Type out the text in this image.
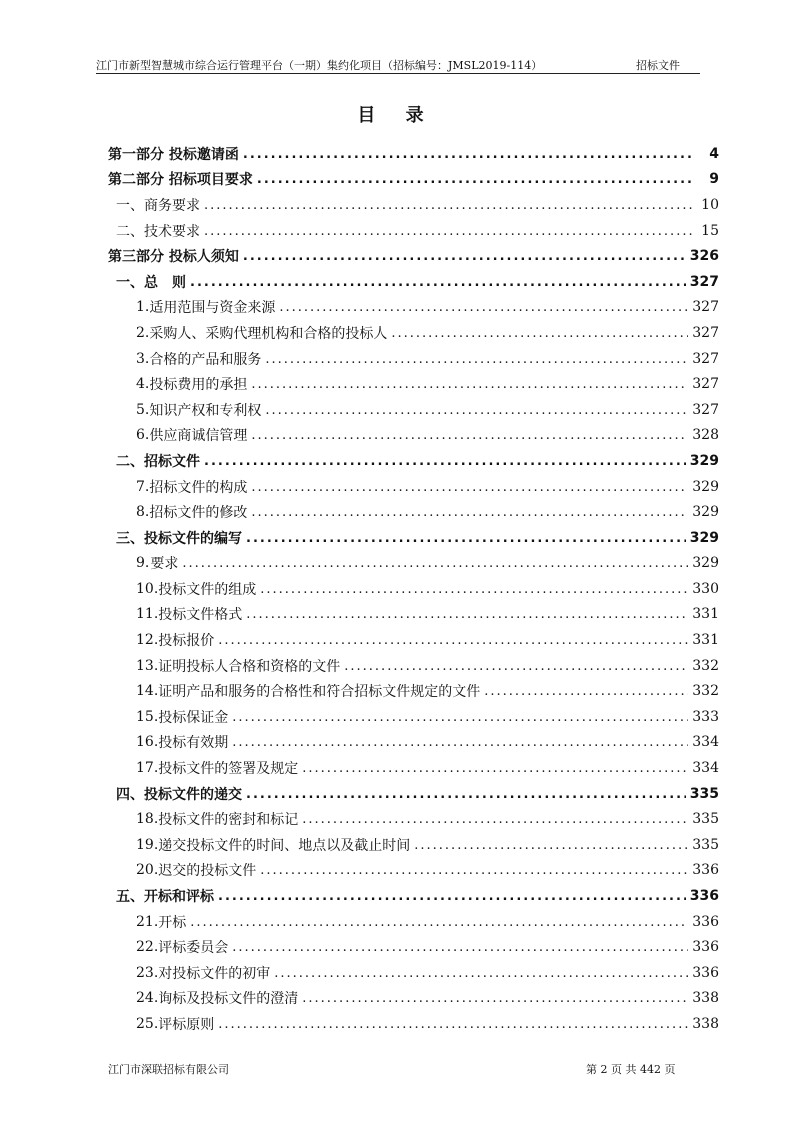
江门市新型智慧城市综合运行管理平台（一期）集约化项目（招标编号：JMSL2019-114）	招标文件
目 录
第一部分 投标邀请函 .....	4
第二部分 招标项目要求 .....	9
一、 商务要求 .....	10
二、 技术要求 .....	15
第三部分 投标人须知 .....	326
一、总　则 .....	327
1. 适用范围与资金来源 .....	327
2. 采购人、采购代理机构和合格的投标人 .....	327
3. 合格的产品和服务 .....	327
4. 投标费用的承担 .....	327
5. 知识产权和专利权 .....	327
6. 供应商诚信管理 .....	328
二、招标文件 .....	329
7. 招标文件的构成 .....	329
8. 招标文件的修改 .....	329
三、投标文件的编写 .....	329
9. 要求 .....	329
10. 投标文件的组成 .....	330
11. 投标文件格式 .....	331
12. 投标报价 .....	331
13. 证明投标人合格和资格的文件 .....	332
14. 证明产品和服务的合格性和符合招标文件规定的文件 .....	332
15. 投标保证金 .....	333
16. 投标有效期 .....	334
17. 投标文件的签署及规定 .....	334
四、投标文件的递交 .....	335
18. 投标文件的密封和标记 .....	335
19. 递交投标文件的时间、地点以及截止时间 .....	335
20. 迟交的投标文件 .....	336
五、开标和评标 .....	336
21. 开标 .....	336
22. 评标委员会 .....	336
23. 对投标文件的初审 .....	336
24. 询标及投标文件的澄清 .....	338
25. 评标原则 .....	338
江门市深联招标有限公司	第 2 页 共 442 页
